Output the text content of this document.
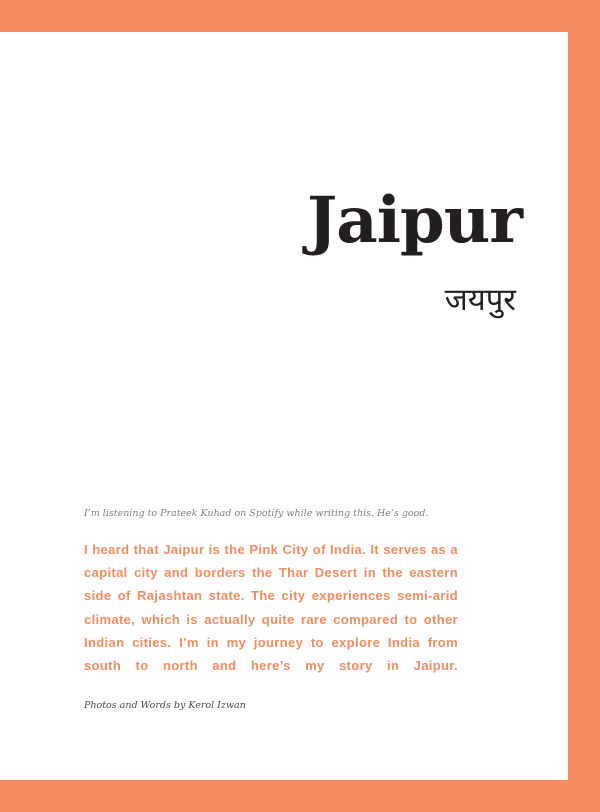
Jaipur
जयपुर

I’m listening to Prateek Kuhad on Spotify while writing this. He’s good.

I heard that Jaipur is the Pink City of India. It serves as a capital city and borders the Thar Desert in the eastern side of Rajashtan state. The city experiences semi-arid climate, which is actually quite rare compared to other Indian cities. I’m in my journey to explore India from south to north and here’s my story in Jaipur.

Photos and Words by Kerol Izwan
